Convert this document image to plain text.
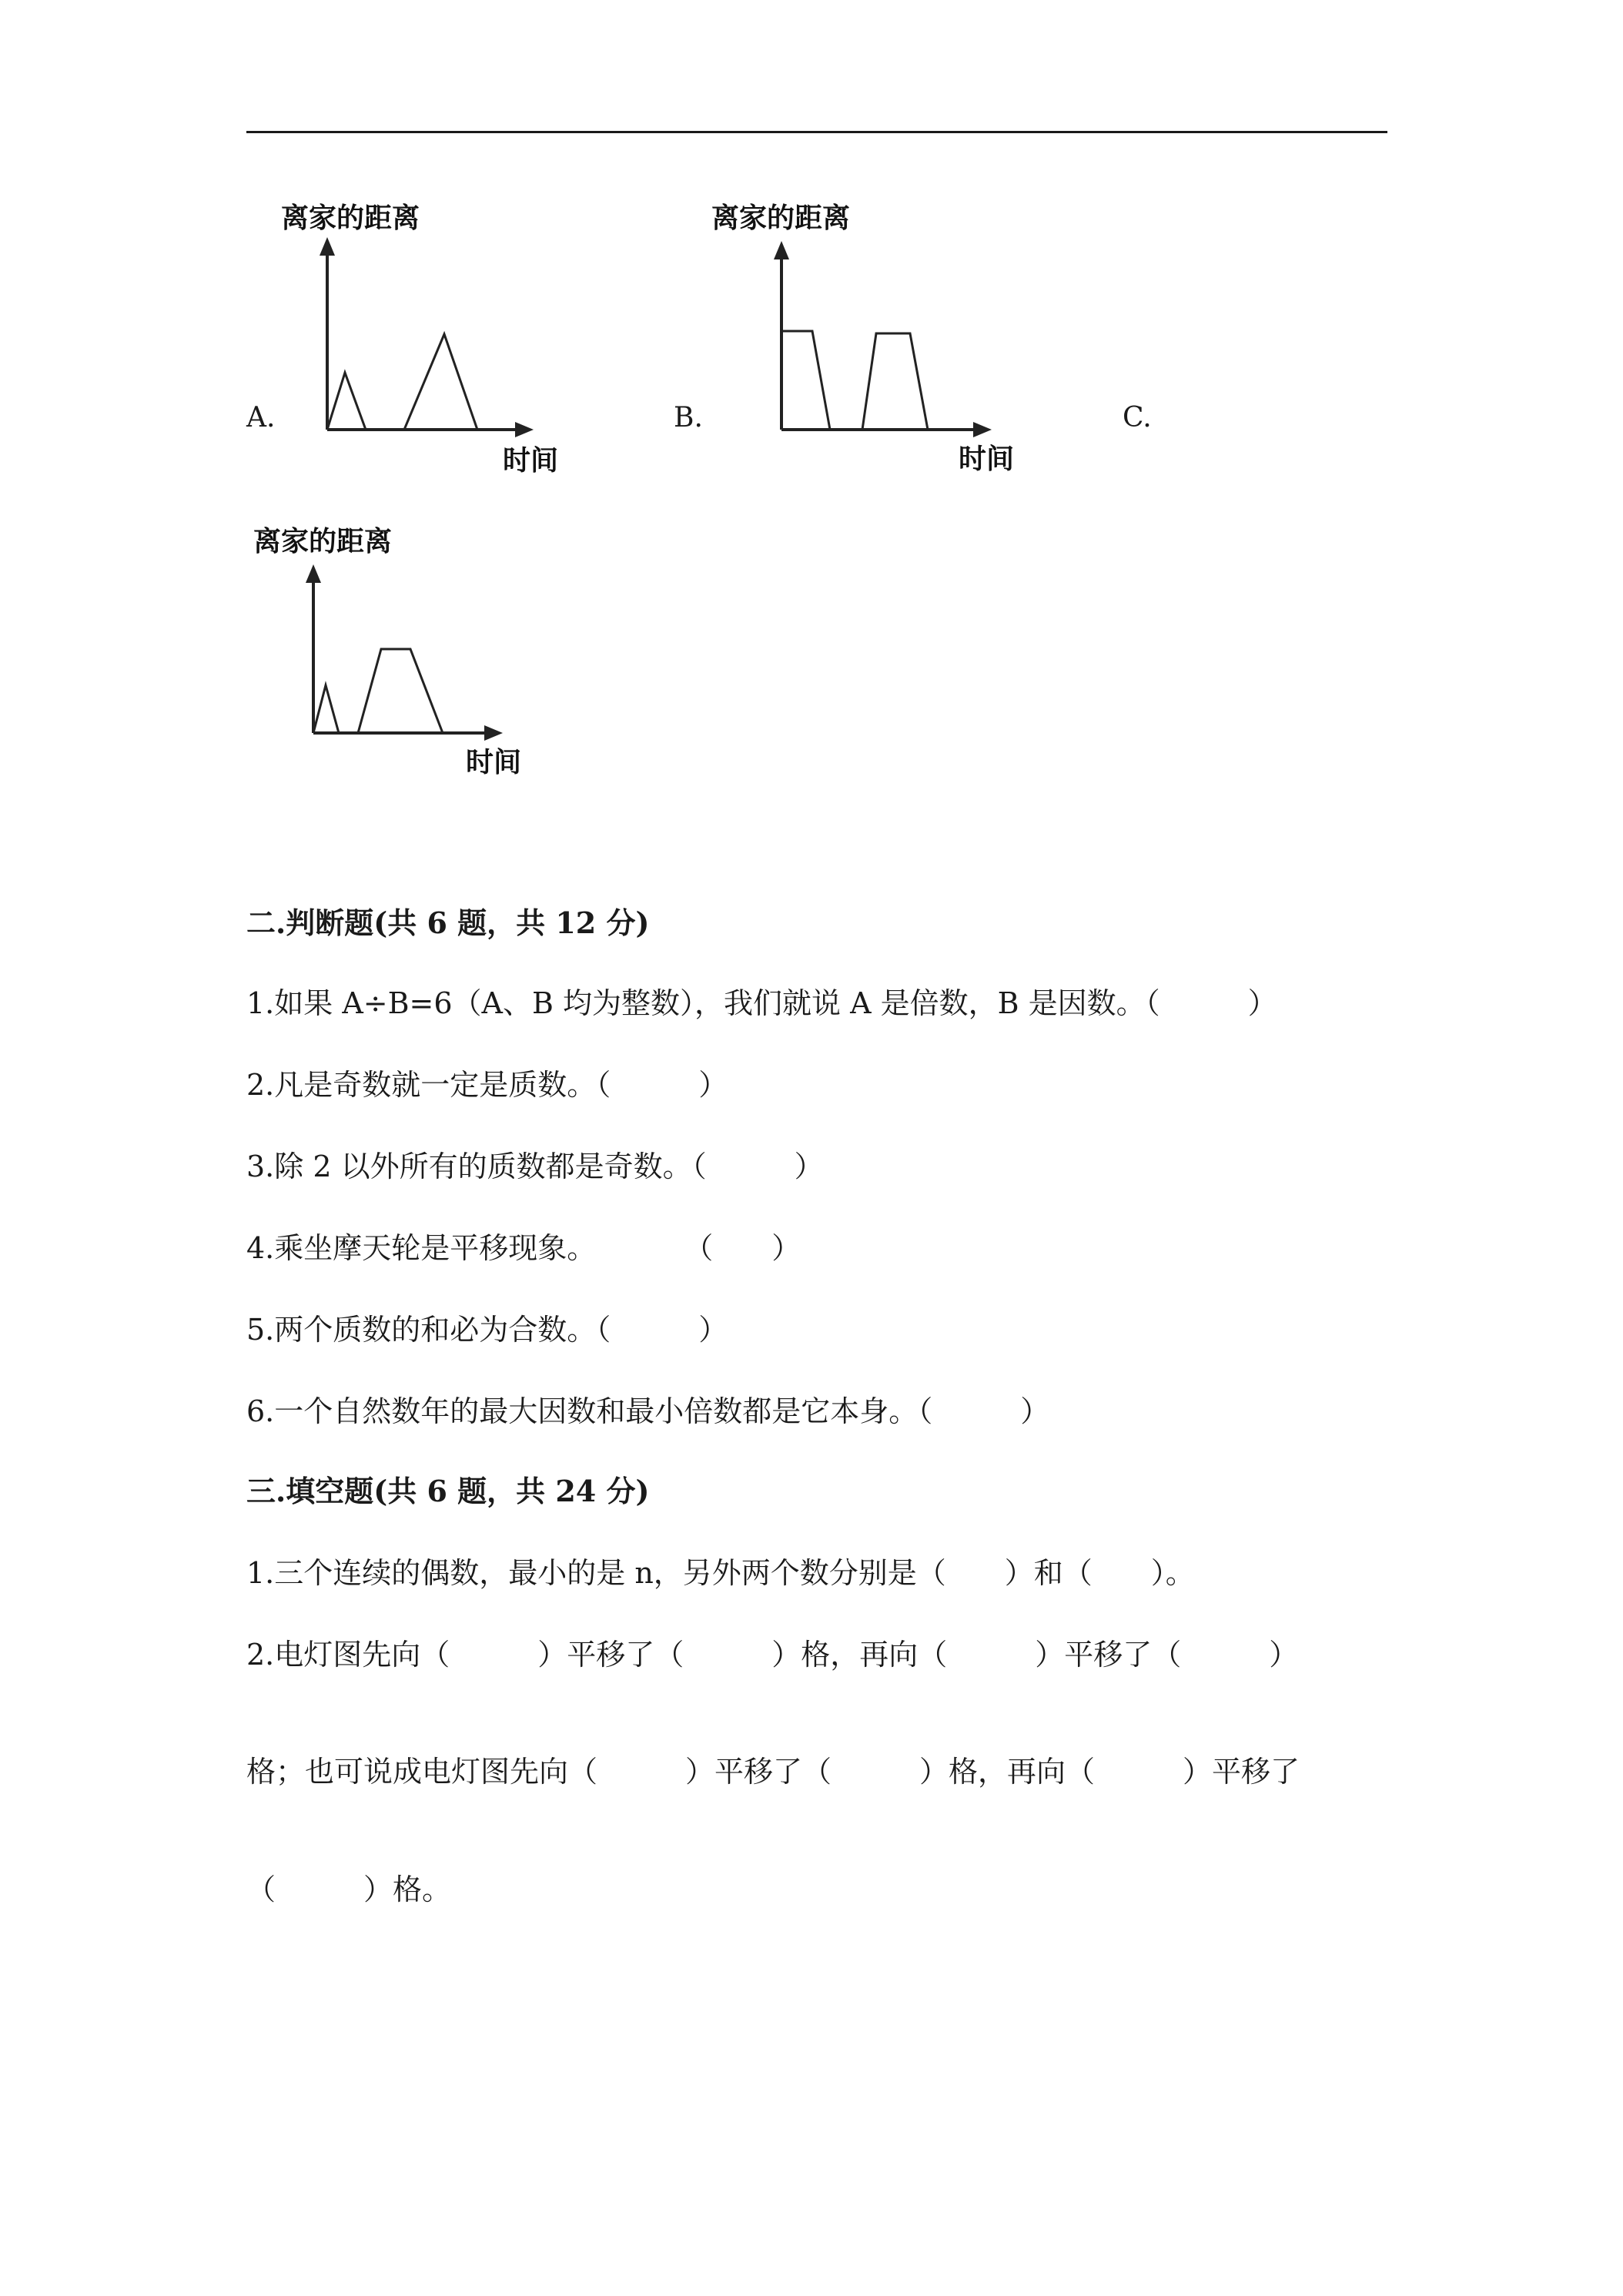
A.	B.	C.
离家的距离
时间
离家的距离
时间
离家的距离
时间
二.判断题(共 6 题，共 12 分)
1.如果 A÷B=6（A、B 均为整数），我们就说 A 是倍数，B 是因数。（　　　）
2.凡是奇数就一定是质数。（　　　）
3.除 2 以外所有的质数都是奇数。（　　　）
4.乘坐摩天轮是平移现象。　　　　（　　）
5.两个质数的和必为合数。（　　　）
6.一个自然数年的最大因数和最小倍数都是它本身。（　　　）
三.填空题(共 6 题，共 24 分)
1.三个连续的偶数，最小的是 n，另外两个数分别是（　　）和（　　）。
2.电灯图先向（　　　）平移了（　　　）格，再向（　　　）平移了（　　　）
格；也可说成电灯图先向（　　　）平移了（　　　）格，再向（　　　）平移了
（　　　）格。
